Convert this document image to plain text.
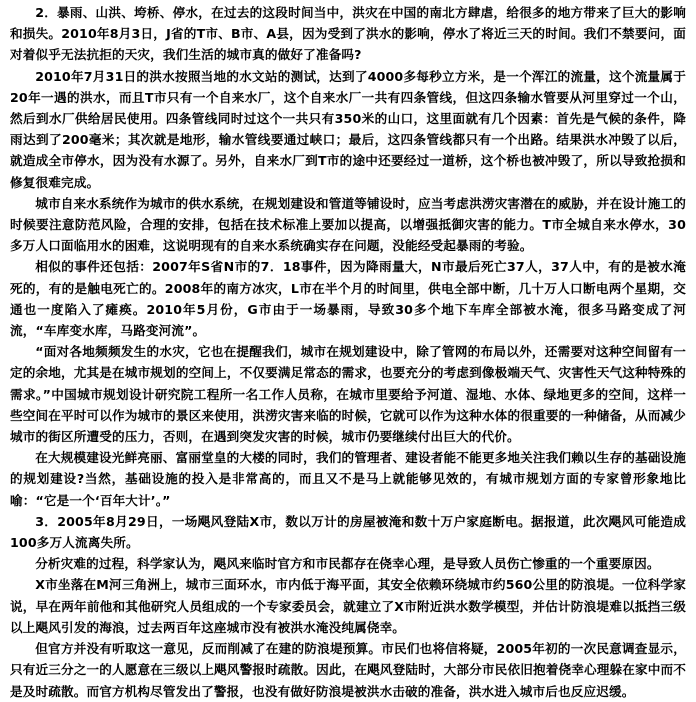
2．暴雨、山洪、垮桥、停水，在过去的这段时间当中，洪灾在中国的南北方肆虐，给很多的地方带来了巨大的影响和损失。2010年8月3日，J省的T市、B市、A县，因为受到了洪水的影响，停水了将近三天的时间。我们不禁要问，面对着似乎无法抗拒的天灾，我们生活的城市真的做好了准备吗?

2010年7月31日的洪水按照当地的水文站的测试，达到了4000多每秒立方米，是一个浑江的流量，这个流量属于20年一遇的洪水，而且T市只有一个自来水厂，这个自来水厂一共有四条管线，但这四条输水管要从河里穿过一个山，然后到水厂供给居民使用。四条管线同时过这个一共只有350米的山口，这里面就有几个因素：首先是气候的条件，降雨达到了200毫米；其次就是地形，输水管线要通过峡口；最后，这四条管线都只有一个出路。结果洪水冲毁了以后，就造成全市停水，因为没有水源了。另外，自来水厂到T市的途中还要经过一道桥，这个桥也被冲毁了，所以导致抢损和修复很难完成。

城市自来水系统作为城市的供水系统，在规划建设和管道等铺设时，应当考虑洪涝灾害潜在的威胁，并在设计施工的时候要注意防范风险，合理的安排，包括在技术标准上要加以提高，以增强抵御灾害的能力。T市全城自来水停水，30多万人口面临用水的困难，这说明现有的自来水系统确实存在问题，没能经受起暴雨的考验。

相似的事件还包括：2007年S省N市的7．18事件，因为降雨量大，N市最后死亡37人，37人中，有的是被水淹死的，有的是触电死亡的。2008年的南方冰灾，L市在半个月的时间里，供电全部中断，几十万人口断电两个星期，交通也一度陷入了瘫痪。2010年5月份，G市由于一场暴雨，导致30多个地下车库全部被水淹，很多马路变成了河流，“车库变水库，马路变河流”。

“面对各地频频发生的水灾，它也在提醒我们，城市在规划建设中，除了管网的布局以外，还需要对这种空间留有一定的余地，尤其是在城市规划的空间上，不仅要满足常态的需求，也要充分的考虑到像极端天气、灾害性天气这种特殊的需求。”中国城市规划设计研究院工程所一名工作人员称，在城市里要给予河道、湿地、水体、绿地更多的空间，这样一些空间在平时可以作为城市的景区来使用，洪涝灾害来临的时候，它就可以作为这种水体的很重要的一种储备，从而减少城市的街区所遭受的压力，否则，在遇到突发灾害的时候，城市仍要继续付出巨大的代价。

在大规模建设光鲜亮丽、富丽堂皇的大楼的同时，我们的管理者、建设者能不能更多地关注我们赖以生存的基础设施的规划建设?当然，基础设施的投入是非常高的，而且又不是马上就能够见效的，有城市规划方面的专家曾形象地比喻：“它是一个‘百年大计’。”

3．2005年8月29日，一场飓风登陆X市，数以万计的房屋被淹和数十万户家庭断电。据报道，此次飓风可能造成100多万人流离失所。

分析灾难的过程，科学家认为，飓风来临时官方和市民都存在侥幸心理，是导致人员伤亡惨重的一个重要原因。

X市坐落在M河三角洲上，城市三面环水，市内低于海平面，其安全依赖环绕城市约560公里的防浪堤。一位科学家说，早在两年前他和其他研究人员组成的一个专家委员会，就建立了X市附近洪水数学模型，并估计防浪堤难以抵挡三级以上飓风引发的海浪，过去两百年这座城市没有被洪水淹没纯属侥幸。

但官方并没有听取这一意见，反而削减了在建的防浪堤预算。市民们也将信将疑，2005年初的一次民意调查显示，只有近三分之一的人愿意在三级以上飓风警报时疏散。因此，在飓风登陆时，大部分市民依旧抱着侥幸心理躲在家中而不是及时疏散。而官方机构尽管发出了警报，也没有做好防浪堤被洪水击破的准备，洪水进入城市后也反应迟缓。
